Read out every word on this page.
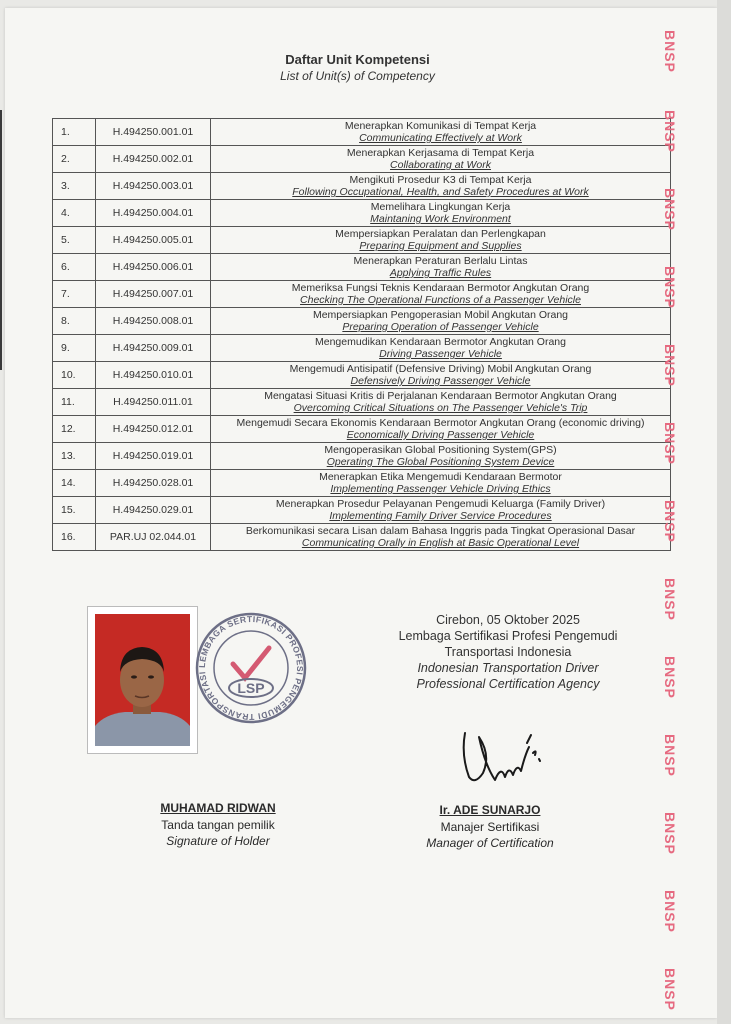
Daftar Unit Kompetensi
List of Unit(s) of Competency
1.	H.494250.001.01	Menerapkan Komunikasi di Tempat Kerja
Communicating Effectively at Work

2.	H.494250.002.01	Menerapkan Kerjasama di Tempat Kerja
Collaborating at Work

3.	H.494250.003.01	Mengikuti Prosedur K3 di Tempat Kerja
Following Occupational, Health, and Safety Procedures at Work

4.	H.494250.004.01	Memelihara Lingkungan Kerja
Maintaning Work Environment

5.	H.494250.005.01	Mempersiapkan Peralatan dan Perlengkapan
Preparing Equipment and Supplies

6.	H.494250.006.01	Menerapkan Peraturan Berlalu Lintas
Applying Traffic Rules

7.	H.494250.007.01	Memeriksa Fungsi Teknis Kendaraan Bermotor Angkutan Orang
Checking The Operational Functions of a Passenger Vehicle

8.	H.494250.008.01	Mempersiapkan Pengoperasian Mobil Angkutan Orang
Preparing Operation of Passenger Vehicle

9.	H.494250.009.01	Mengemudikan Kendaraan Bermotor Angkutan Orang
Driving Passenger Vehicle

10.	H.494250.010.01	Mengemudi Antisipatif (Defensive Driving) Mobil Angkutan Orang
Defensively Driving Passenger Vehicle

11.	H.494250.011.01	Mengatasi Situasi Kritis di Perjalanan Kendaraan Bermotor Angkutan Orang
Overcoming Critical Situations on The Passenger Vehicle's Trip

12.	H.494250.012.01	Mengemudi Secara Ekonomis Kendaraan Bermotor Angkutan Orang (economic driving)
Economically Driving Passenger Vehicle

13.	H.494250.019.01	Mengoperasikan Global Positioning System(GPS)
Operating The Global Positioning System Device

14.	H.494250.028.01	Menerapkan Etika Mengemudi Kendaraan Bermotor
Implementing Passenger Vehicle Driving Ethics

15.	H.494250.029.01	Menerapkan Prosedur Pelayanan Pengemudi Keluarga (Family Driver)
Implementing Family Driver Service Procedures

16.	PAR.UJ 02.044.01	Berkomunikasi secara Lisan dalam Bahasa Inggris pada Tingkat Operasional Dasar
Communicating Orally in English at Basic Operational Level
BNSP
BNSP
BNSP
BNSP
BNSP
BNSP
BNSP
BNSP
BNSP
BNSP
BNSP
BNSP
BNSP
LEMBAGA SERTIFIKASI PROFESI PENGEMUDI TRANSPORTASI
LSP
Cirebon, 05 Oktober 2025
Lembaga Sertifikasi Profesi Pengemudi
Transportasi Indonesia
Indonesian Transportation Driver
Professional Certification Agency
MUHAMAD RIDWAN
Tanda tangan pemilik
Signature of Holder
Ir. ADE SUNARJO
Manajer Sertifikasi
Manager of Certification
